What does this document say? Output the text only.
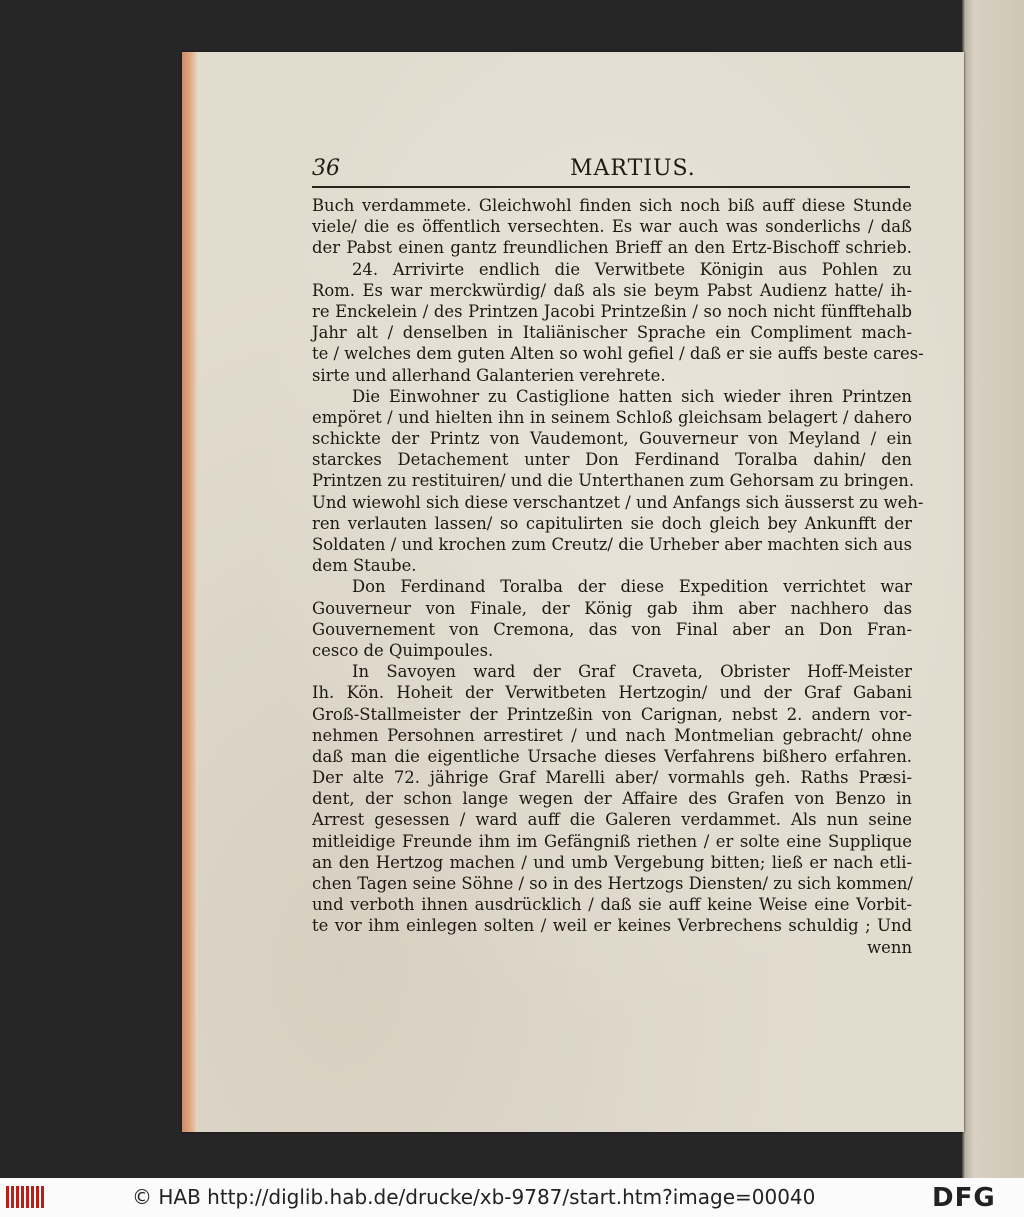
36	MARTIUS.
Buch verdammete. Gleichwohl finden sich noch biß auff diese Stunde
viele/ die es öffentlich versechten. Es war auch was sonderlichs / daß
der Pabst einen gantz freundlichen Brieff an den Ertz-Bischoff schrieb.
24. Arrivirte endlich die Verwitbete Königin aus Pohlen zu
Rom. Es war merckwürdig/ daß als sie beym Pabst Audienz hatte/ ih-
re Enckelein / des Printzen Jacobi Printzeßin / so noch nicht fünfftehalb
Jahr alt / denselben in Italiänischer Sprache ein Compliment mach-
te / welches dem guten Alten so wohl gefiel / daß er sie auffs beste cares-
sirte und allerhand Galanterien verehrete.
Die Einwohner zu Castiglione hatten sich wieder ihren Printzen
empöret / und hielten ihn in seinem Schloß gleichsam belagert / dahero
schickte der Printz von Vaudemont, Gouverneur von Meyland / ein
starckes Detachement unter Don Ferdinand Toralba dahin/ den
Printzen zu restituiren/ und die Unterthanen zum Gehorsam zu bringen.
Und wiewohl sich diese verschantzet / und Anfangs sich äusserst zu weh-
ren verlauten lassen/ so capitulirten sie doch gleich bey Ankunfft der
Soldaten / und krochen zum Creutz/ die Urheber aber machten sich aus
dem Staube.
Don Ferdinand Toralba der diese Expedition verrichtet war
Gouverneur von Finale, der König gab ihm aber nachhero das
Gouvernement von Cremona, das von Final aber an Don Fran-
cesco de Quimpoules.
In Savoyen ward der Graf Craveta, Obrister Hoff-Meister
Ih. Kön. Hoheit der Verwitbeten Hertzogin/ und der Graf Gabani
Groß-Stallmeister der Printzeßin von Carignan, nebst 2. andern vor-
nehmen Persohnen arrestiret / und nach Montmelian gebracht/ ohne
daß man die eigentliche Ursache dieses Verfahrens bißhero erfahren.
Der alte 72. jährige Graf Marelli aber/ vormahls geh. Raths Præsi-
dent, der schon lange wegen der Affaire des Grafen von Benzo in
Arrest gesessen / ward auff die Galeren verdammet. Als nun seine
mitleidige Freunde ihm im Gefängniß riethen / er solte eine Supplique
an den Hertzog machen / und umb Vergebung bitten; ließ er nach etli-
chen Tagen seine Söhne / so in des Hertzogs Diensten/ zu sich kommen/
und verboth ihnen ausdrücklich / daß sie auff keine Weise eine Vorbit-
te vor ihm einlegen solten / weil er keines Verbrechens schuldig ; Und
wenn
© HAB http://diglib.hab.de/drucke/xb-9787/start.htm?image=00040	DFG
